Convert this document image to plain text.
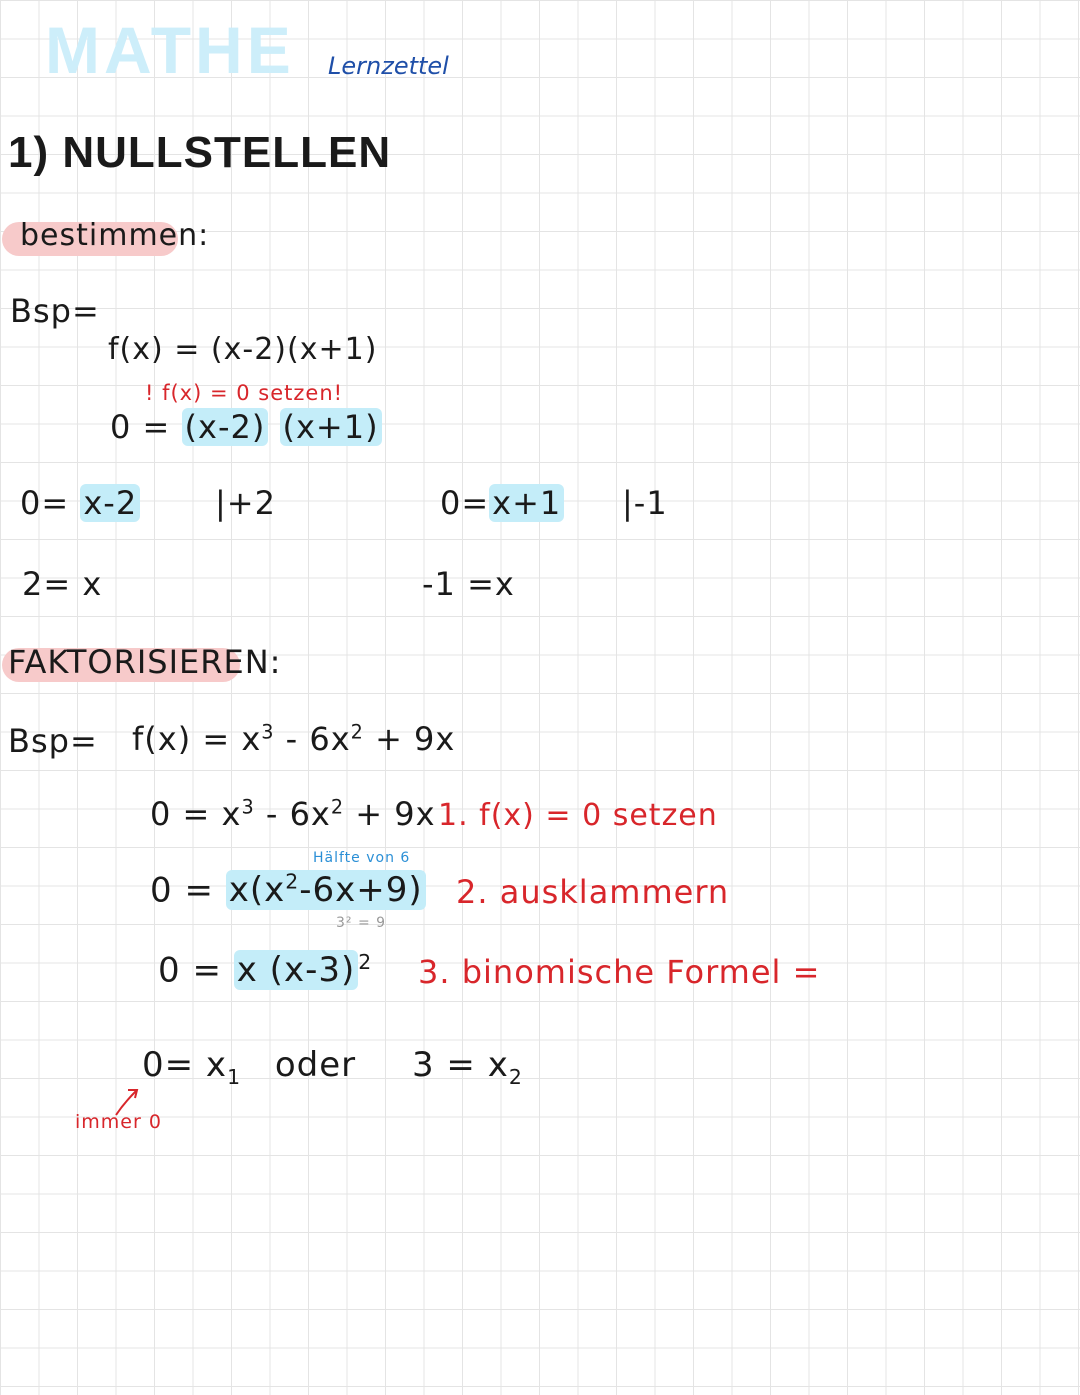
MATHE Lernzettel
1) NULLSTELLEN
bestimmen:
Bsp=
f(x) = (x-2)(x+1)
! f(x) = 0 setzen!
0 = (x-2) (x+1)
0= x-2 |+2
2= x
0=x+1 |-1
-1 =x
FAKTORISIEREN:
$Bsp= f(x) = x^3 - 6x^2 + 9x$
$0 = x^3 - 6x^2 + 9x$ 1. f(x) = 0 setzen
Hälfte von 6
$0 = x(x^2-6x+9)$ 2. ausklammern
3² = 9
0 = x (x-3) $^2$ 3. binomische Formel =
$0= x_1$ oder $3 = x_2$
immer 0
